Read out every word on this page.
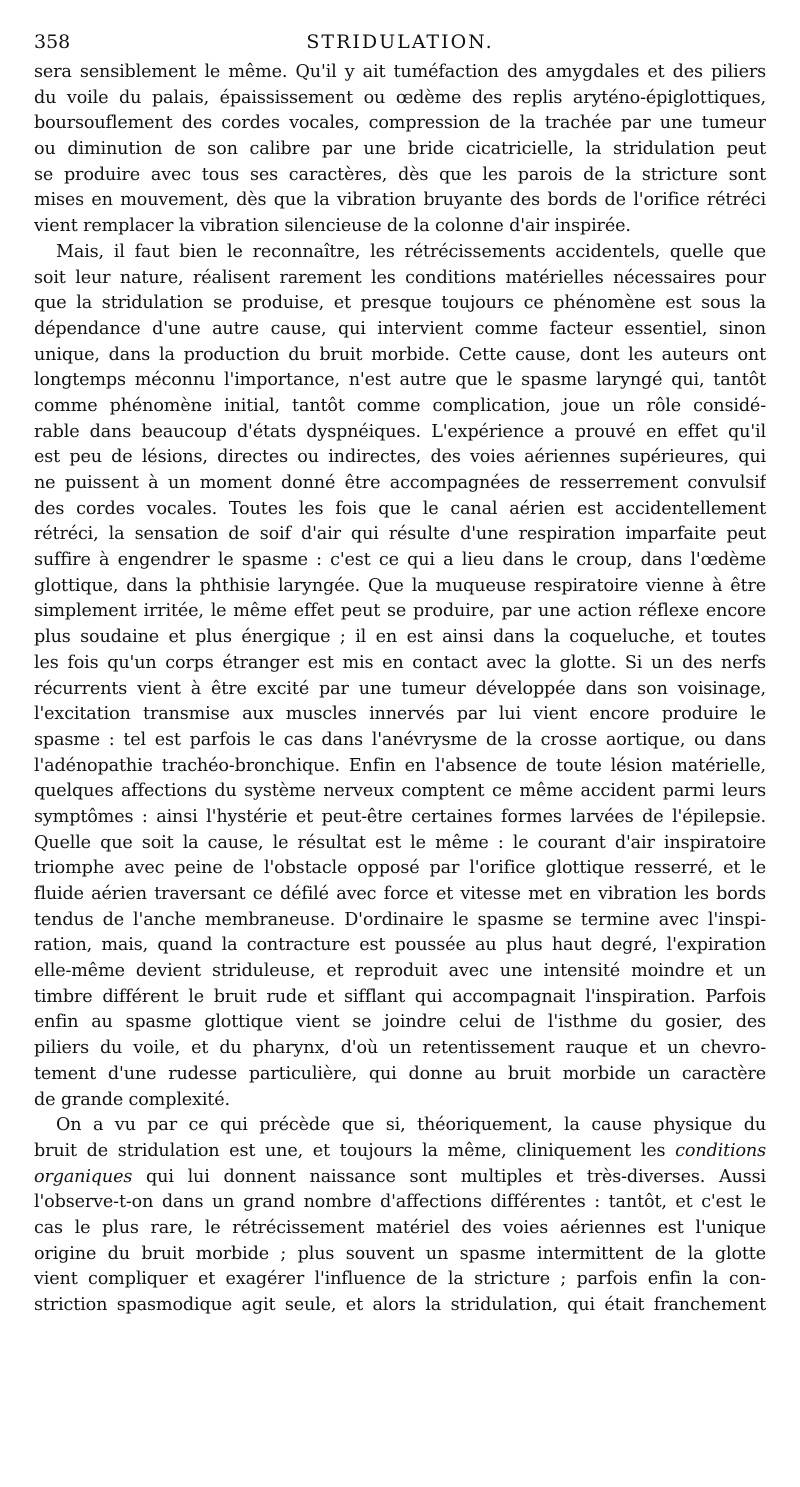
358	STRIDULATION.
sera sensiblement le même. Qu'il y ait tuméfaction des amygdales et des piliers
du voile du palais, épaississement ou œdème des replis aryténo-épiglottiques,
boursouflement des cordes vocales, compression de la trachée par une tumeur
ou diminution de son calibre par une bride cicatricielle, la stridulation peut
se produire avec tous ses caractères, dès que les parois de la stricture sont
mises en mouvement, dès que la vibration bruyante des bords de l'orifice rétréci
vient remplacer la vibration silencieuse de la colonne d'air inspirée.
Mais, il faut bien le reconnaître, les rétrécissements accidentels, quelle que
soit leur nature, réalisent rarement les conditions matérielles nécessaires pour
que la stridulation se produise, et presque toujours ce phénomène est sous la
dépendance d'une autre cause, qui intervient comme facteur essentiel, sinon
unique, dans la production du bruit morbide. Cette cause, dont les auteurs ont
longtemps méconnu l'importance, n'est autre que le spasme laryngé qui, tantôt
comme phénomène initial, tantôt comme complication, joue un rôle considé-
rable dans beaucoup d'états dyspnéiques. L'expérience a prouvé en effet qu'il
est peu de lésions, directes ou indirectes, des voies aériennes supérieures, qui
ne puissent à un moment donné être accompagnées de resserrement convulsif
des cordes vocales. Toutes les fois que le canal aérien est accidentellement
rétréci, la sensation de soif d'air qui résulte d'une respiration imparfaite peut
suffire à engendrer le spasme : c'est ce qui a lieu dans le croup, dans l'œdème
glottique, dans la phthisie laryngée. Que la muqueuse respiratoire vienne à être
simplement irritée, le même effet peut se produire, par une action réflexe encore
plus soudaine et plus énergique ; il en est ainsi dans la coqueluche, et toutes
les fois qu'un corps étranger est mis en contact avec la glotte. Si un des nerfs
récurrents vient à être excité par une tumeur développée dans son voisinage,
l'excitation transmise aux muscles innervés par lui vient encore produire le
spasme : tel est parfois le cas dans l'anévrysme de la crosse aortique, ou dans
l'adénopathie trachéo-bronchique. Enfin en l'absence de toute lésion matérielle,
quelques affections du système nerveux comptent ce même accident parmi leurs
symptômes : ainsi l'hystérie et peut-être certaines formes larvées de l'épilepsie.
Quelle que soit la cause, le résultat est le même : le courant d'air inspiratoire
triomphe avec peine de l'obstacle opposé par l'orifice glottique resserré, et le
fluide aérien traversant ce défilé avec force et vitesse met en vibration les bords
tendus de l'anche membraneuse. D'ordinaire le spasme se termine avec l'inspi-
ration, mais, quand la contracture est poussée au plus haut degré, l'expiration
elle-même devient striduleuse, et reproduit avec une intensité moindre et un
timbre différent le bruit rude et sifflant qui accompagnait l'inspiration. Parfois
enfin au spasme glottique vient se joindre celui de l'isthme du gosier, des
piliers du voile, et du pharynx, d'où un retentissement rauque et un chevro-
tement d'une rudesse particulière, qui donne au bruit morbide un caractère
de grande complexité.
On a vu par ce qui précède que si, théoriquement, la cause physique du
bruit de stridulation est une, et toujours la même, cliniquement les conditions
organiques qui lui donnent naissance sont multiples et très-diverses. Aussi
l'observe-t-on dans un grand nombre d'affections différentes : tantôt, et c'est le
cas le plus rare, le rétrécissement matériel des voies aériennes est l'unique
origine du bruit morbide ; plus souvent un spasme intermittent de la glotte
vient compliquer et exagérer l'influence de la stricture ; parfois enfin la con-
striction spasmodique agit seule, et alors la stridulation, qui était franchement
